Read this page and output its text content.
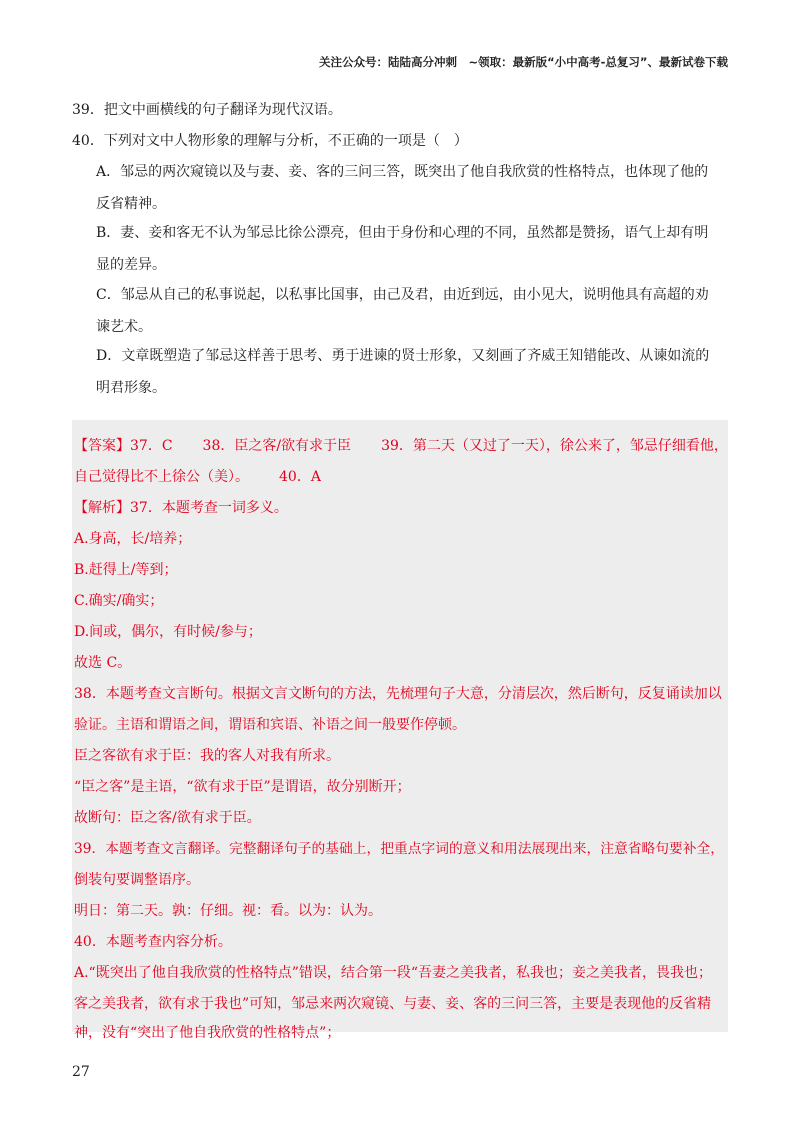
关注公众号：陆陆高分冲刺　~领取：最新版“小中高考-总复习”、最新试卷下载
39．把文中画横线的句子翻译为现代汉语。
40．下列对文中人物形象的理解与分析，不正确的一项是（　）
A．邹忌的两次窥镜以及与妻、妾、客的三问三答，既突出了他自我欣赏的性格特点，也体现了他的
反省精神。
B．妻、妾和客无不认为邹忌比徐公漂亮，但由于身份和心理的不同，虽然都是赞扬，语气上却有明
显的差异。
C．邹忌从自己的私事说起，以私事比国事，由己及君，由近到远，由小见大，说明他具有高超的劝
谏艺术。
D．文章既塑造了邹忌这样善于思考、勇于进谏的贤士形象，又刻画了齐威王知错能改、从谏如流的
明君形象。
【答案】37．C 38．臣之客/欲有求于臣 39．第二天（又过了一天），徐公来了，邹忌仔细看他，
自己觉得比不上徐公（美）。 40．A
【解析】37．本题考查一词多义。
A.身高，长/培养；
B.赶得上/等到；
C.确实/确实；
D.间或，偶尔，有时候/参与；
故选 C。
38．本题考查文言断句。根据文言文断句的方法，先梳理句子大意，分清层次，然后断句，反复诵读加以
验证。主语和谓语之间，谓语和宾语、补语之间一般要作停顿。
臣之客欲有求于臣：我的客人对我有所求。
“臣之客”是主语，“欲有求于臣”是谓语，故分别断开；
故断句：臣之客/欲有求于臣。
39．本题考查文言翻译。完整翻译句子的基础上，把重点字词的意义和用法展现出来，注意省略句要补全，
倒装句要调整语序。
明日：第二天。孰：仔细。视：看。以为：认为。
40．本题考查内容分析。
A.“既突出了他自我欣赏的性格特点”错误，结合第一段“吾妻之美我者，私我也；妾之美我者，畏我也；
客之美我者，欲有求于我也”可知，邹忌来两次窥镜、与妻、妾、客的三问三答，主要是表现他的反省精
神，没有“突出了他自我欣赏的性格特点”；
27
